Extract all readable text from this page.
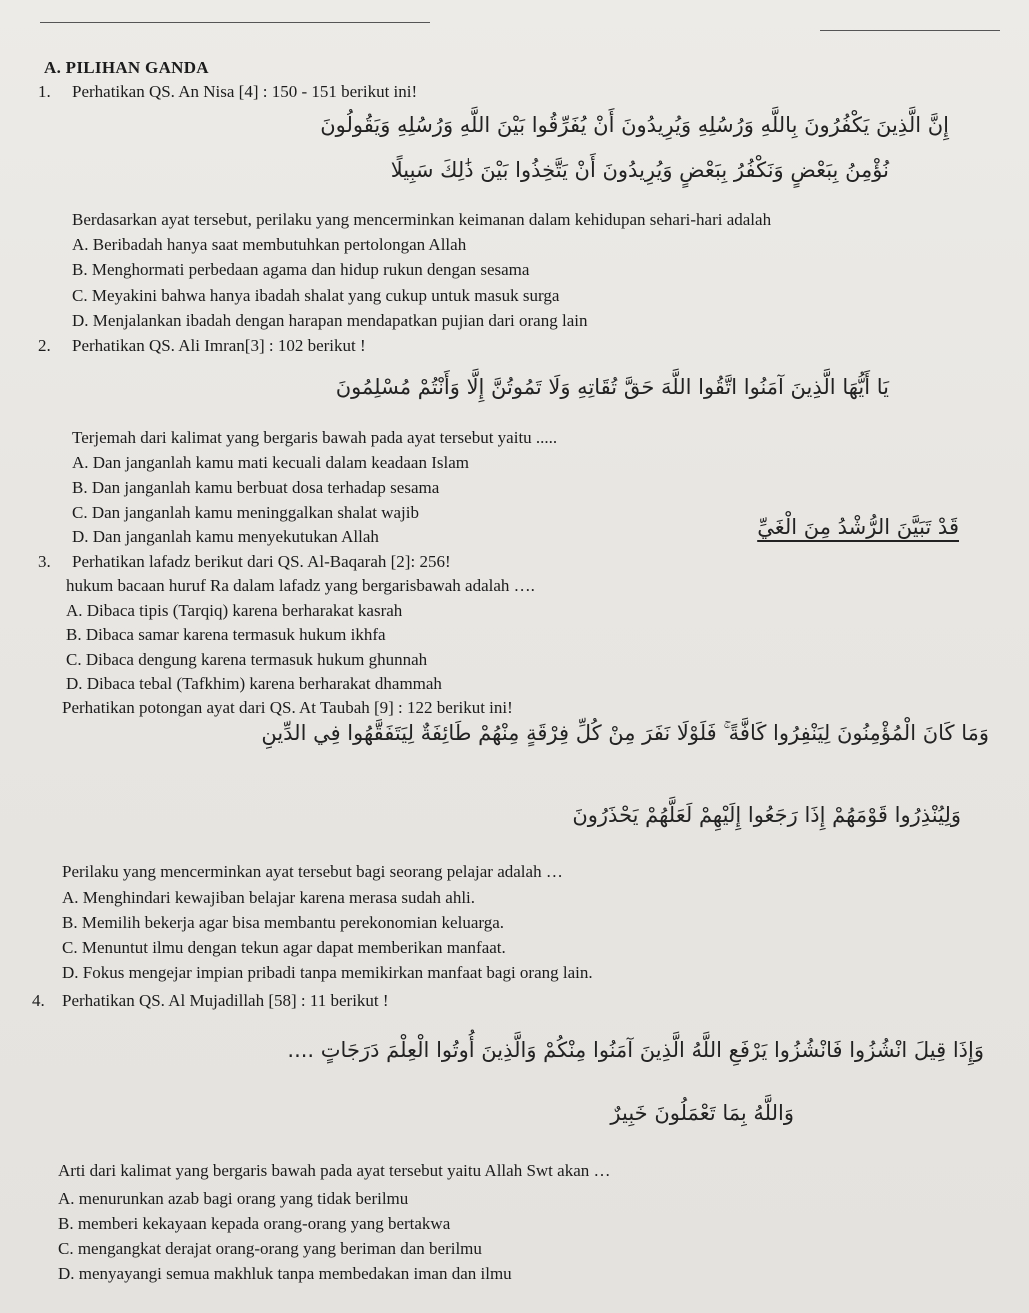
A. PILIHAN GANDA
1. Perhatikan QS. An Nisa [4] : 150 - 151 berikut ini!
إِنَّ الَّذِينَ يَكْفُرُونَ بِاللَّهِ وَرُسُلِهِ وَيُرِيدُونَ أَنْ يُفَرِّقُوا بَيْنَ اللَّهِ وَرُسُلِهِ وَيَقُولُونَ
نُؤْمِنُ بِبَعْضٍ وَنَكْفُرُ بِبَعْضٍ وَيُرِيدُونَ أَنْ يَتَّخِذُوا بَيْنَ ذَٰلِكَ سَبِيلًا
Berdasarkan ayat tersebut, perilaku yang mencerminkan keimanan dalam kehidupan sehari-hari adalah
A. Beribadah hanya saat membutuhkan pertolongan Allah
B. Menghormati perbedaan agama dan hidup rukun dengan sesama
C. Meyakini bahwa hanya ibadah shalat yang cukup untuk masuk surga
D. Menjalankan ibadah dengan harapan mendapatkan pujian dari orang lain
2. Perhatikan QS. Ali Imran[3] : 102 berikut !
يَا أَيُّهَا الَّذِينَ آمَنُوا اتَّقُوا اللَّهَ حَقَّ تُقَاتِهِ وَلَا تَمُوتُنَّ إِلَّا وَأَنْتُمْ مُسْلِمُونَ
Terjemah dari kalimat yang bergaris bawah pada ayat tersebut yaitu .....
A. Dan janganlah kamu mati kecuali dalam keadaan Islam
B. Dan janganlah kamu berbuat dosa terhadap sesama
C. Dan janganlah kamu meninggalkan shalat wajib
D. Dan janganlah kamu menyekutukan Allah	قَدْ تَبَيَّنَ الرُّشْدُ مِنَ الْغَيِّ
3. Perhatikan lafadz berikut dari QS. Al-Baqarah [2]: 256!
hukum bacaan huruf Ra dalam lafadz yang bergarisbawah adalah ….
A. Dibaca tipis (Tarqiq) karena berharakat kasrah
B. Dibaca samar karena termasuk hukum ikhfa
C. Dibaca dengung karena termasuk hukum ghunnah
D. Dibaca tebal (Tafkhim) karena berharakat dhammah
Perhatikan potongan ayat dari QS. At Taubah [9] : 122 berikut ini!
وَمَا كَانَ الْمُؤْمِنُونَ لِيَنْفِرُوا كَافَّةً ۚ فَلَوْلَا نَفَرَ مِنْ كُلِّ فِرْقَةٍ مِنْهُمْ طَائِفَةٌ لِيَتَفَقَّهُوا فِي الدِّينِ
وَلِيُنْذِرُوا قَوْمَهُمْ إِذَا رَجَعُوا إِلَيْهِمْ لَعَلَّهُمْ يَحْذَرُونَ
Perilaku yang mencerminkan ayat tersebut bagi seorang pelajar adalah …
A. Menghindari kewajiban belajar karena merasa sudah ahli.
B. Memilih bekerja agar bisa membantu perekonomian keluarga.
C. Menuntut ilmu dengan tekun agar dapat memberikan manfaat.
D. Fokus mengejar impian pribadi tanpa memikirkan manfaat bagi orang lain.
4. Perhatikan QS. Al Mujadillah [58] : 11 berikut !
وَإِذَا قِيلَ انْشُزُوا فَانْشُزُوا يَرْفَعِ اللَّهُ الَّذِينَ آمَنُوا مِنْكُمْ وَالَّذِينَ أُوتُوا الْعِلْمَ دَرَجَاتٍ ....
وَاللَّهُ بِمَا تَعْمَلُونَ خَبِيرٌ
Arti dari kalimat yang bergaris bawah pada ayat tersebut yaitu Allah Swt akan …
A. menurunkan azab bagi orang yang tidak berilmu
B. memberi kekayaan kepada orang-orang yang bertakwa
C. mengangkat derajat orang-orang yang beriman dan berilmu
D. menyayangi semua makhluk tanpa membedakan iman dan ilmu
